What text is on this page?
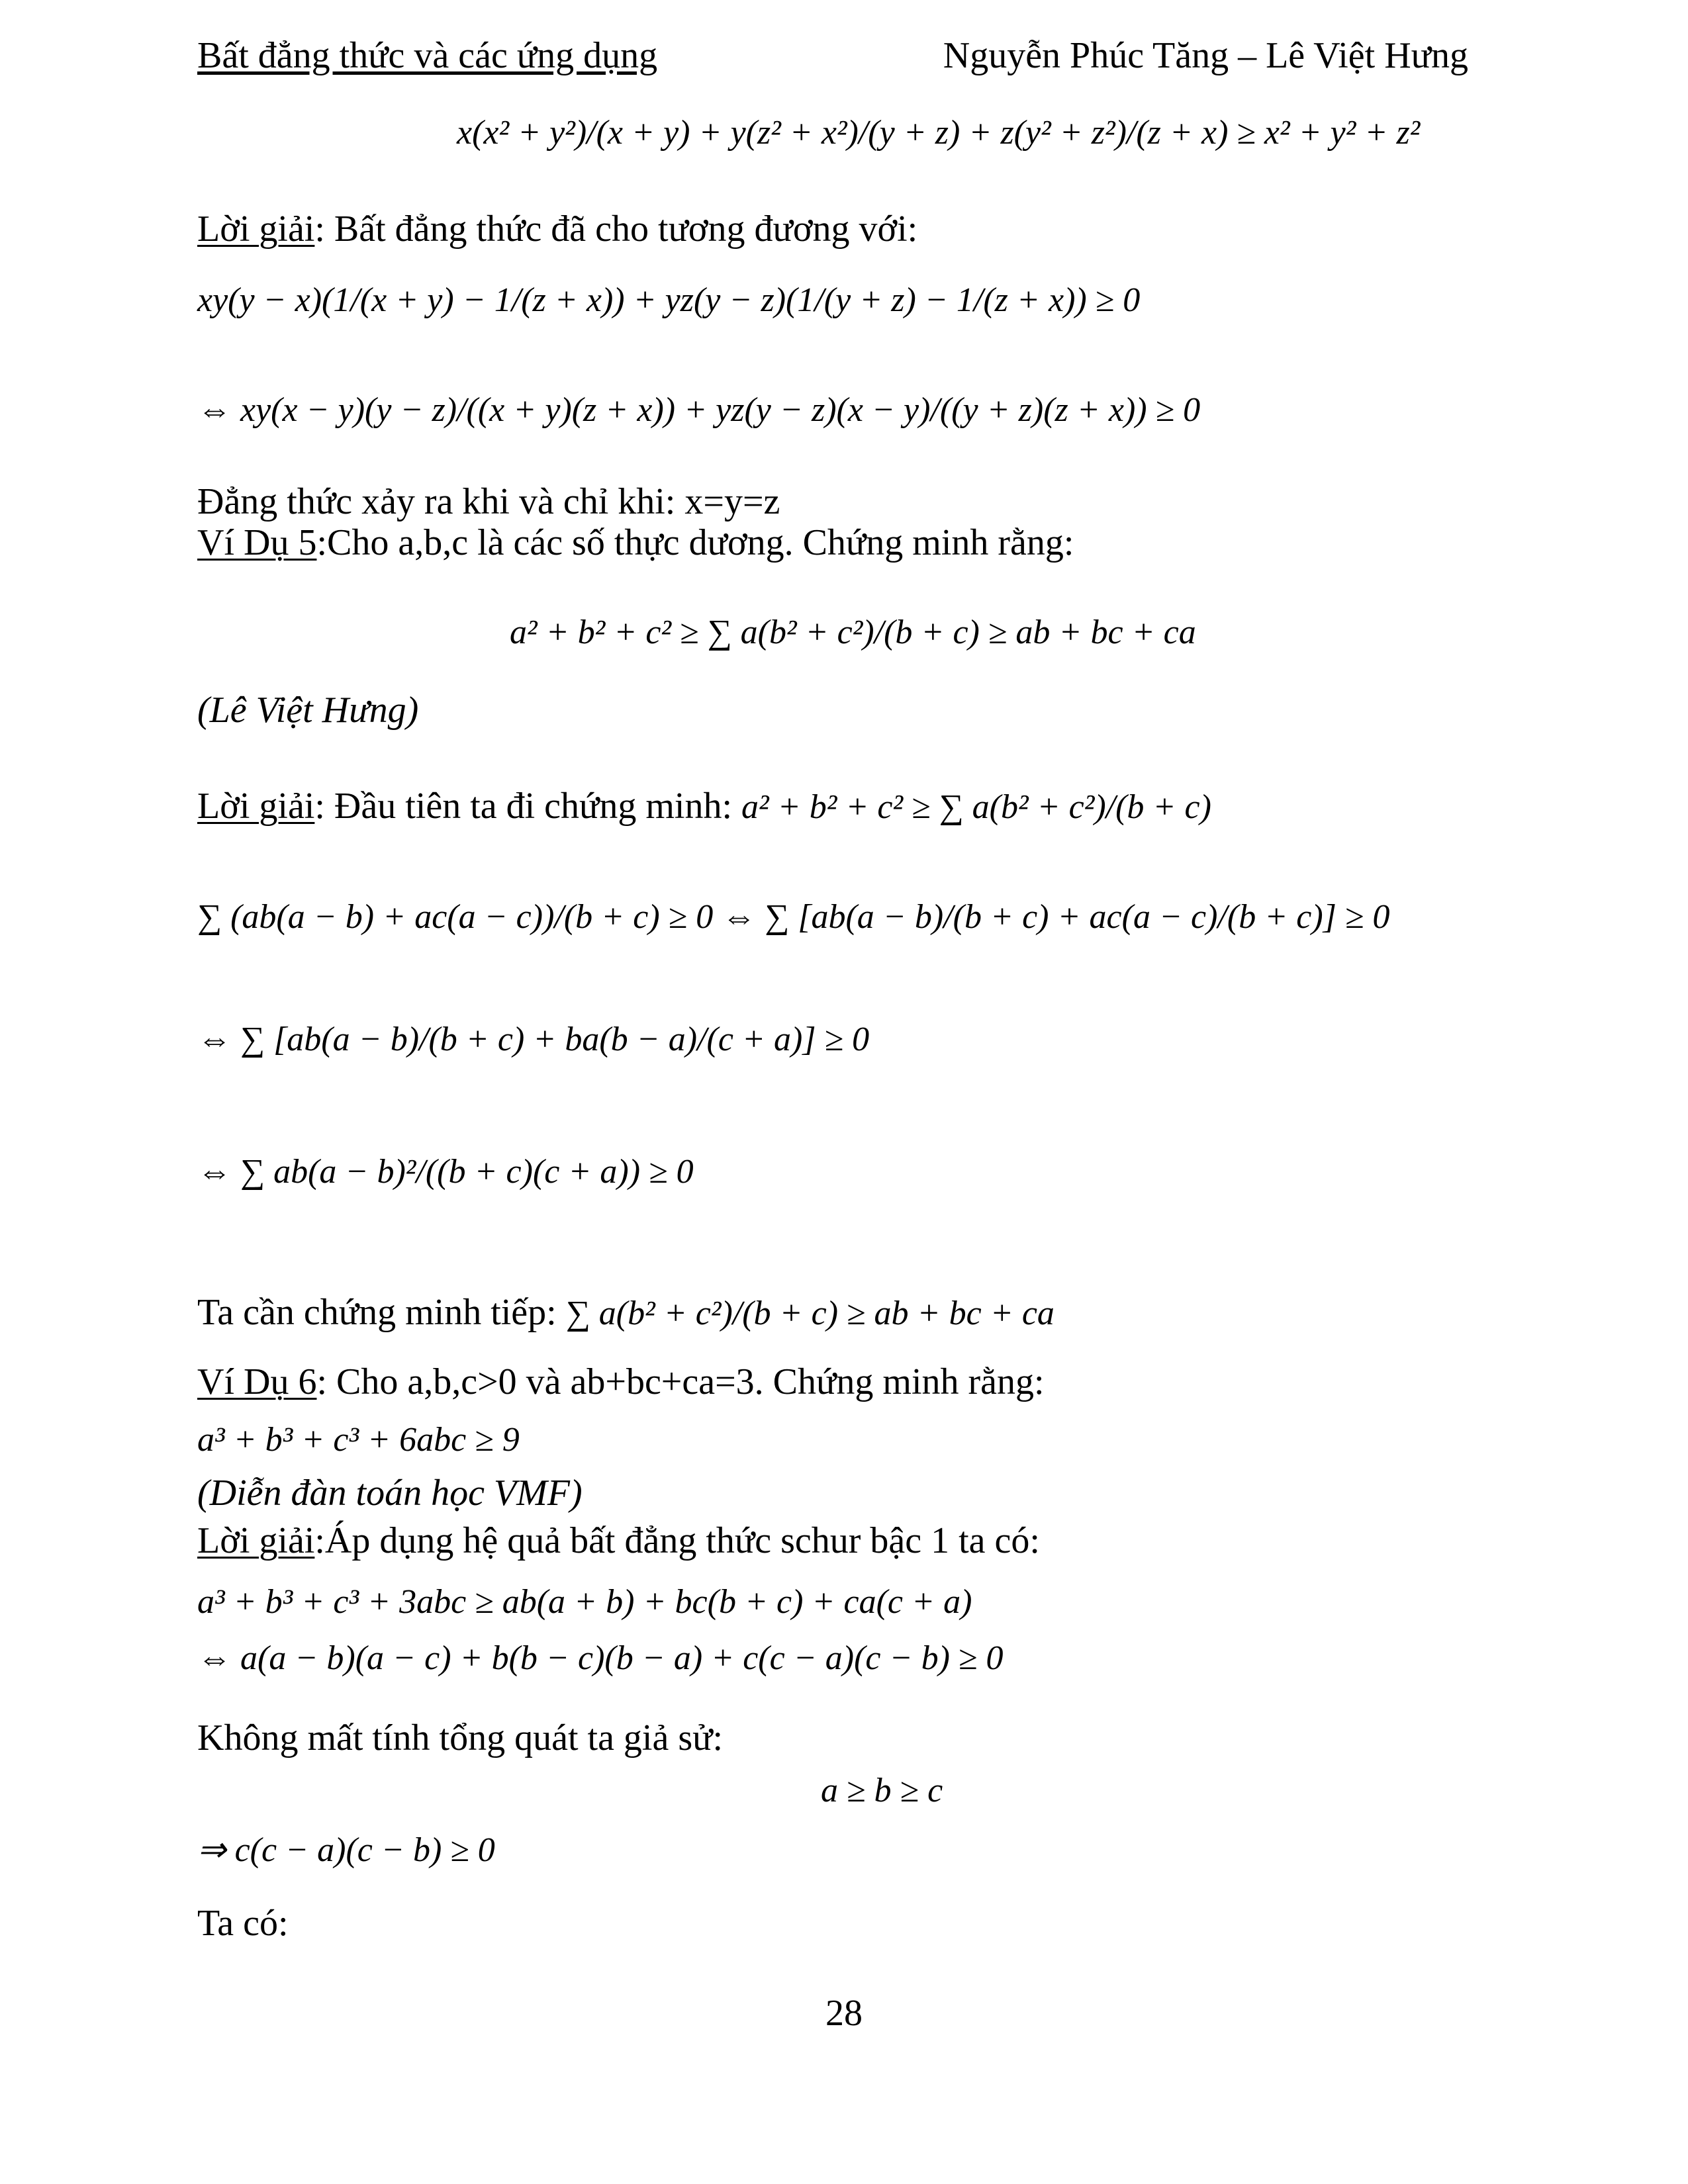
Bất đẳng thức và các ứng dụng	Nguyễn Phúc Tăng – Lê Việt Hưng
x(x² + y²)/(x + y) + y(z² + x²)/(y + z) + z(y² + z²)/(z + x) ≥ x² + y² + z²
Lời giải: Bất đẳng thức đã cho tương đương với:
xy(y − x)(1/(x + y) − 1/(z + x)) + yz(y − z)(1/(y + z) − 1/(z + x)) ≥ 0
⇔ xy(x − y)(y − z)/((x + y)(z + x)) + yz(y − z)(x − y)/((y + z)(z + x)) ≥ 0
Đẳng thức xảy ra khi và chỉ khi: x=y=z
Ví Dụ 5:Cho a,b,c là các số thực dương. Chứng minh rằng:
a² + b² + c² ≥ ∑ a(b² + c²)/(b + c) ≥ ab + bc + ca
(Lê Việt Hưng)
Lời giải: Đầu tiên ta đi chứng minh: a² + b² + c² ≥ ∑ a(b² + c²)/(b + c)
∑ (ab(a − b) + ac(a − c))/(b + c) ≥ 0 ⇔ ∑ [ab(a − b)/(b + c) + ac(a − c)/(b + c)] ≥ 0
⇔ ∑ [ab(a − b)/(b + c) + ba(b − a)/(c + a)] ≥ 0
⇔ ∑ ab(a − b)²/((b + c)(c + a)) ≥ 0
Ta cần chứng minh tiếp: ∑ a(b² + c²)/(b + c) ≥ ab + bc + ca
Ví Dụ 6: Cho a,b,c>0 và ab+bc+ca=3. Chứng minh rằng:
a³ + b³ + c³ + 6abc ≥ 9
(Diễn đàn toán học VMF)
Lời giải:Áp dụng hệ quả bất đẳng thức schur bậc 1 ta có:
a³ + b³ + c³ + 3abc ≥ ab(a + b) + bc(b + c) + ca(c + a)
⇔ a(a − b)(a − c) + b(b − c)(b − a) + c(c − a)(c − b) ≥ 0
Không mất tính tổng quát ta giả sử:
a ≥ b ≥ c
⇒ c(c − a)(c − b) ≥ 0
Ta có:
28
